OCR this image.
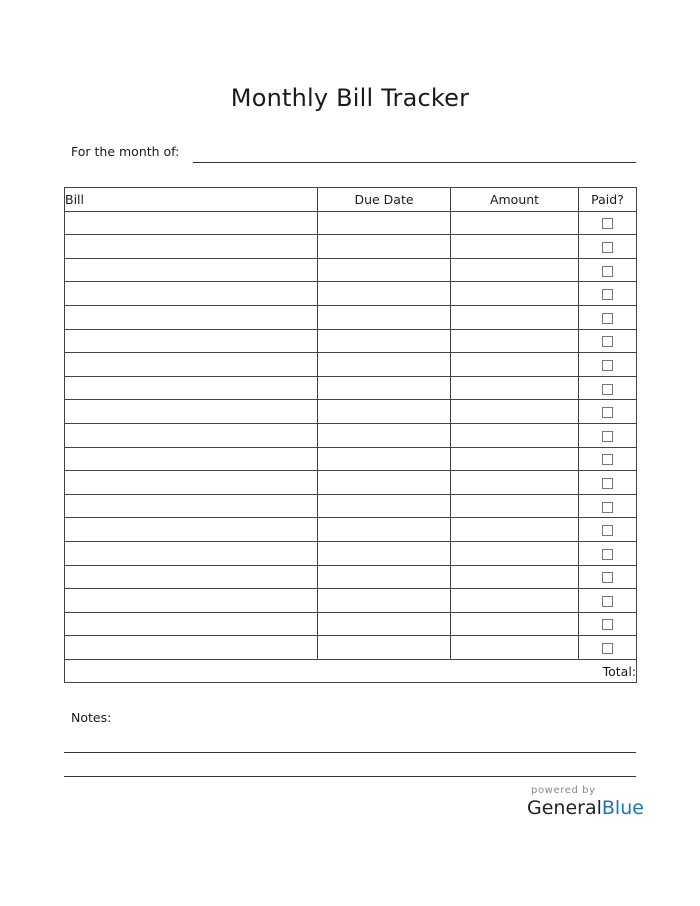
Monthly Bill Tracker
For the month of:
Bill	Due Date	Amount	Paid?

Total:			
Notes:
powered by
GeneralBlue
